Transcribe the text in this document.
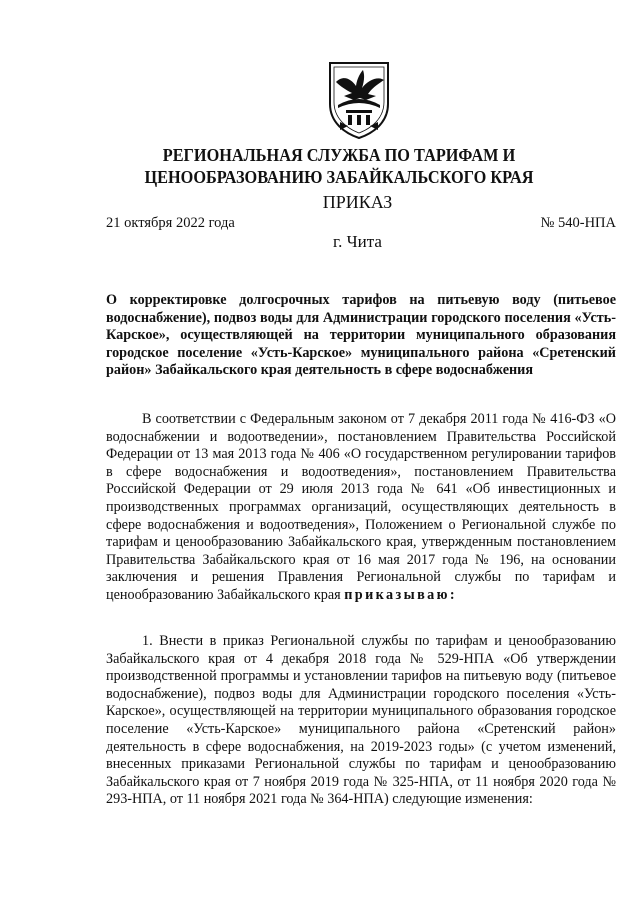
РЕГИОНАЛЬНАЯ СЛУЖБА ПО ТАРИФАМ И
ЦЕНООБРАЗОВАНИЮ ЗАБАЙКАЛЬСКОГО КРАЯ
ПРИКАЗ
21 октября 2022 года	№ 540-НПА
г. Чита
О корректировке долгосрочных тарифов на питьевую воду (питьевое водоснабжение), подвоз воды для Администрации городского поселения «Усть-Карское», осуществляющей на территории муниципального образования городское поселение «Усть-Карское» муниципального района «Сретенский район» Забайкальского края деятельность в сфере водоснабжения
В соответствии с Федеральным законом от 7 декабря 2011 года № 416-ФЗ «О водоснабжении и водоотведении», постановлением Правительства Российской Федерации от 13 мая 2013 года № 406 «О государственном регулировании тарифов в сфере водоснабжения и водоотведения», постановлением Правительства Российской Федерации от 29 июля 2013 года № 641 «Об инвестиционных и производственных программах организаций, осуществляющих деятельность в сфере водоснабжения и водоотведения», Положением о Региональной службе по тарифам и ценообразованию Забайкальского края, утвержденным постановлением Правительства Забайкальского края от 16 мая 2017 года № 196, на основании заключения и решения Правления Региональной службы по тарифам и ценообразованию Забайкальского края приказываю:
1. Внести в приказ Региональной службы по тарифам и ценообразованию Забайкальского края от 4 декабря 2018 года № 529-НПА «Об утверждении производственной программы и установлении тарифов на питьевую воду (питьевое водоснабжение), подвоз воды для Администрации городского поселения «Усть-Карское», осуществляющей на территории муниципального образования городское поселение «Усть-Карское» муниципального района «Сретенский район» деятельность в сфере водоснабжения, на 2019-2023 годы» (с учетом изменений, внесенных приказами Региональной службы по тарифам и ценообразованию Забайкальского края от 7 ноября 2019 года № 325-НПА, от 11 ноября 2020 года № 293-НПА, от 11 ноября 2021 года № 364-НПА) следующие изменения:
